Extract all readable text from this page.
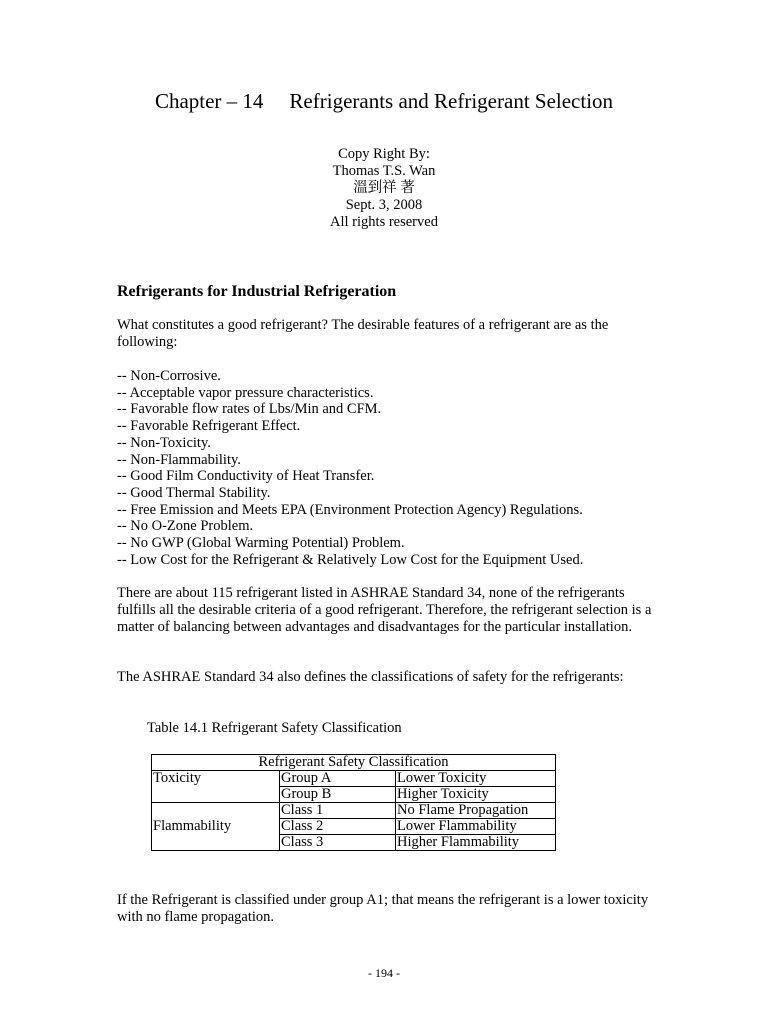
Chapter – 14 Refrigerants and Refrigerant Selection
Copy Right By:
Thomas T.S. Wan
溫到祥 著
Sept. 3, 2008
All rights reserved
Refrigerants for Industrial Refrigeration
What constitutes a good refrigerant? The desirable features of a refrigerant are as the following:
-- Non-Corrosive.
-- Acceptable vapor pressure characteristics.
-- Favorable flow rates of Lbs/Min and CFM.
-- Favorable Refrigerant Effect.
-- Non-Toxicity.
-- Non-Flammability.
-- Good Film Conductivity of Heat Transfer.
-- Good Thermal Stability.
-- Free Emission and Meets EPA (Environment Protection Agency) Regulations.
-- No O-Zone Problem.
-- No GWP (Global Warming Potential) Problem.
-- Low Cost for the Refrigerant & Relatively Low Cost for the Equipment Used.
There are about 115 refrigerant listed in ASHRAE Standard 34, none of the refrigerants fulfills all the desirable criteria of a good refrigerant. Therefore, the refrigerant selection is a matter of balancing between advantages and disadvantages for the particular installation.
The ASHRAE Standard 34 also defines the classifications of safety for the refrigerants:
Table 14.1 Refrigerant Safety Classification
Refrigerant Safety Classification		
Toxicity	Group A	Lower Toxicity
	Group B	Higher Toxicity
Flammability	Class 1	No Flame Propagation
	Class 2	Lower Flammability
	Class 3	Higher Flammability
If the Refrigerant is classified under group A1; that means the refrigerant is a lower toxicity with no flame propagation.
- 194 -
